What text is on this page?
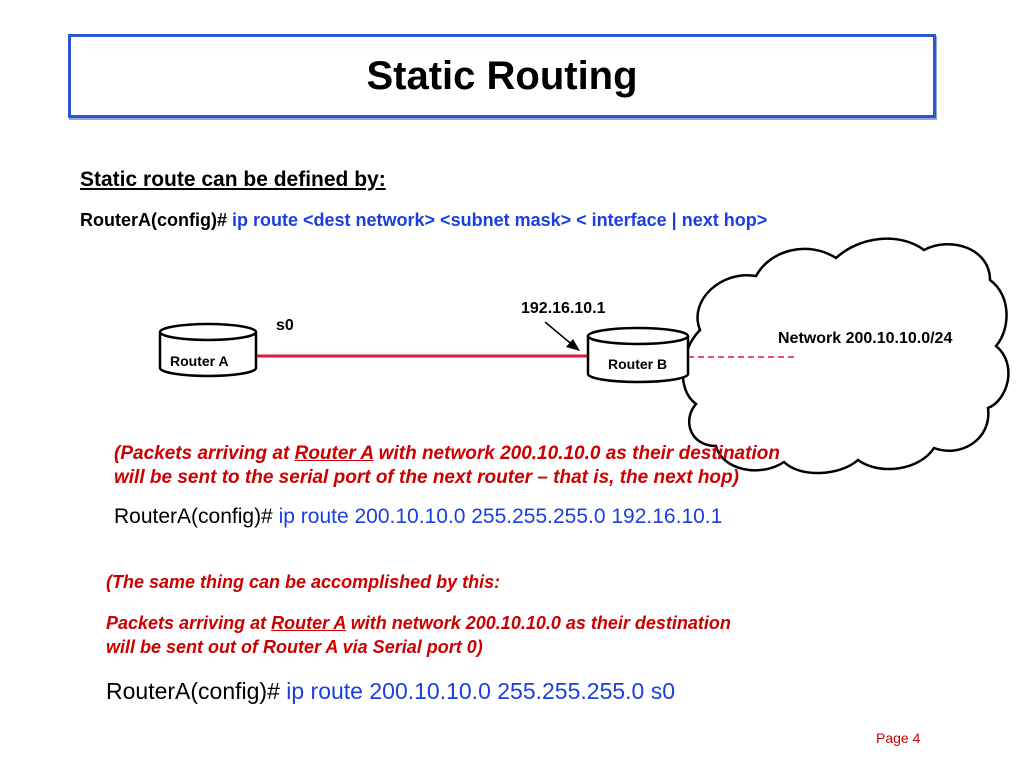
Static Routing
Static route can be defined by:
RouterA(config)# ip route <dest network> <subnet mask> < interface | next hop>
s0
192.16.10.1
Network 200.10.10.0/24
Router A	Router B
(Packets arriving at Router A with network 200.10.10.0 as their destination
will be sent to the serial port of the next router – that is, the next hop)
RouterA(config)# ip route 200.10.10.0 255.255.255.0 192.16.10.1
(The same thing can be accomplished by this:
Packets arriving at Router A with network 200.10.10.0 as their destination
will be sent out of Router A via Serial port 0)
RouterA(config)# ip route 200.10.10.0 255.255.255.0 s0
Page 4
